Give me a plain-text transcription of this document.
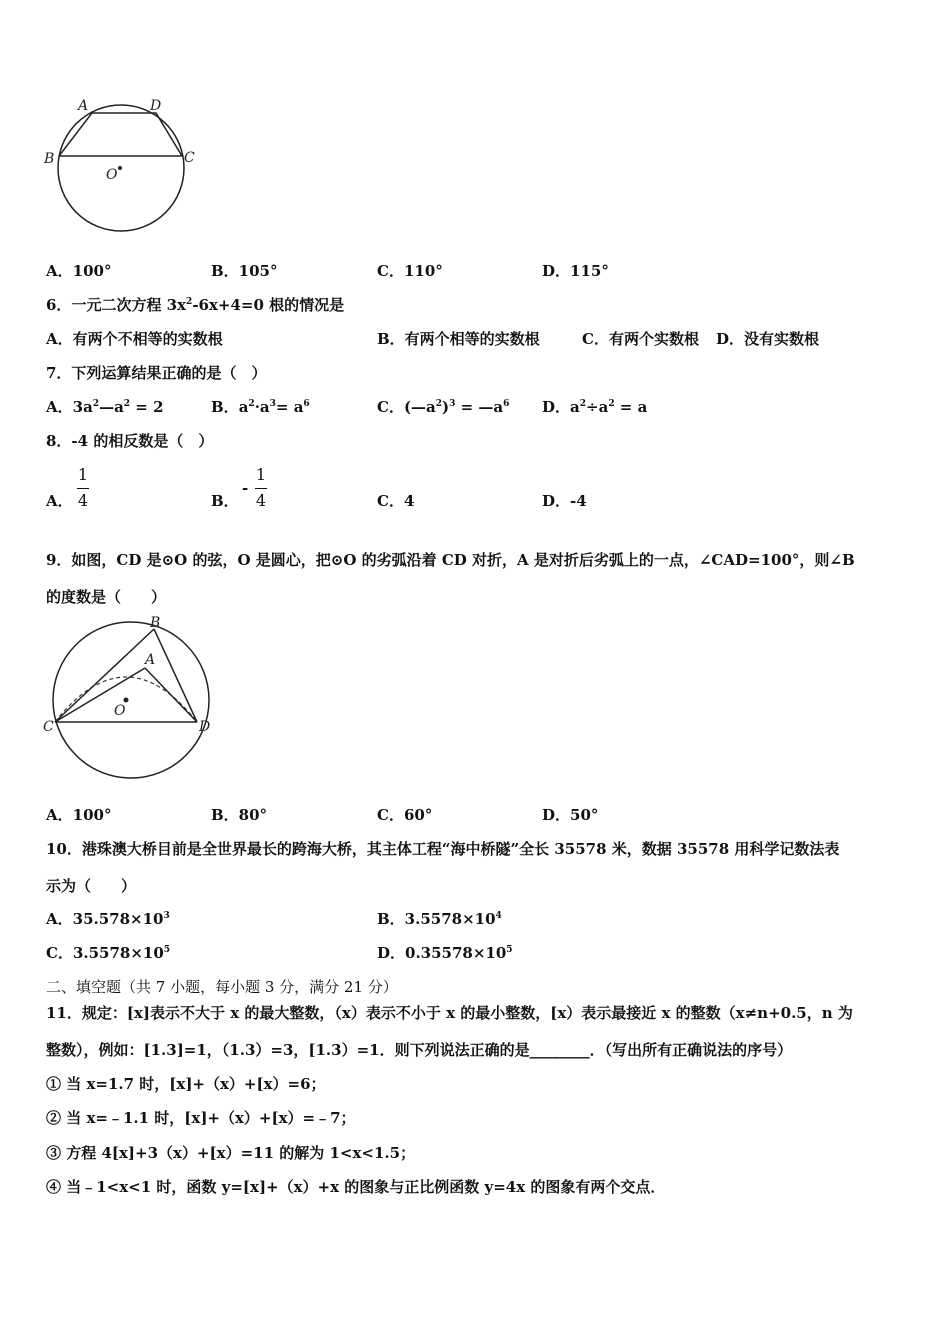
A	D
B	C
O
A．100°	B．105°	C．110°	D．115°
6．一元二次方程 $3x^2-6x+4=0$ 根的情况是
A．有两个不相等的实数根	B．有两个相等的实数根	C．有两个实数根 D．没有实数根
7．下列运算结果正确的是（　）
A．$3a^2—a^2 = 2$	B．$a^2\cdot a^3= a^6$	C．$(—a^2)^3$ = $—a^6$ D．$a^2\div a^2 = a$
8．-4 的相反数是（　）
A．
1
4	B．
-
1
4	C．4	D．-4
9．如图，CD 是⊙O 的弦，O 是圆心，把⊙O 的劣弧沿着 CD 对折，A 是对折后劣弧上的一点，∠CAD=100°，则∠B
的度数是（　　）
B
A
O
C	D
A．100°	B．80°	C．60°	D．50°
10．港珠澳大桥目前是全世界最长的跨海大桥，其主体工程“海中桥隧”全长 35578 米，数据 35578 用科学记数法表
示为（　　）
A．$35.578\times 10^3$	B．$3.5578\times 10^4$
C．$3.5578\times 10^5$	D．$0.35578\times 10^5$
二、填空题（共 7 小题，每小题 3 分，满分 21 分）
11．规定：[x]表示不大于 x 的最大整数，（x）表示不小于 x 的最小整数，[x）表示最接近 x 的整数（x≠n+0.5，n 为
整数），例如：[1.3]=1，（1.3）=3，[1.3）=1．则下列说法正确的是________．（写出所有正确说法的序号）
① 当 x=1.7 时，[x]+（x）+[x）=6；
② 当 x=﹣1.1 时，[x]+（x）+[x）=﹣7；
③ 方程 4[x]+3（x）+[x）=11 的解为 1<x<1.5；
④ 当﹣1<x<1 时，函数 y=[x]+（x）+x 的图象与正比例函数 y=4x 的图象有两个交点．
